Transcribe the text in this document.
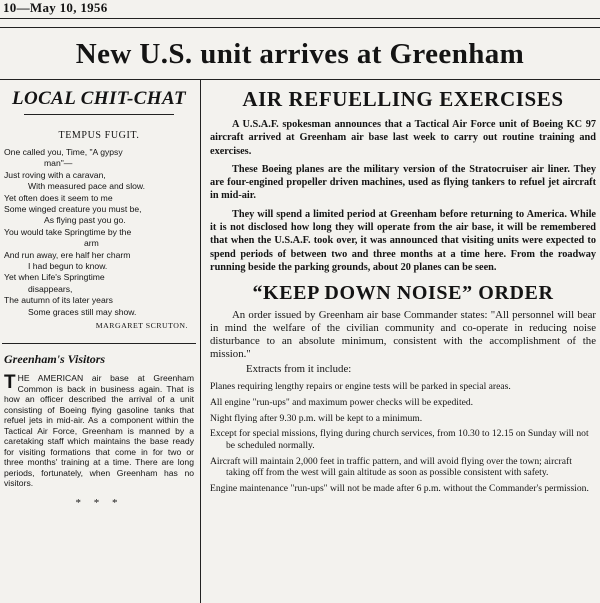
10—May 10, 1956
New U.S. unit arrives at Greenham
LOCAL CHIT-CHAT
TEMPUS FUGIT.
One called you, Time, "A gypsy
man"—
Just roving with a caravan,
With measured pace and slow.
Yet often does it seem to me
Some winged creature you must be,
As flying past you go.
You would take Springtime by the
arm
And run away, ere half her charm
I had begun to know.
Yet when Life's Springtime
disappears,
The autumn of its later years
Some graces still may show.
MARGARET SCRUTON.
Greenham's Visitors
THE AMERICAN air base at Greenham Common is back in business again. That is how an officer described the arrival of a unit consisting of Boeing flying gasoline tanks that refuel jets in mid-air. As a component within the Tactical Air Force, Greenham is manned by a caretaking staff which maintains the base ready for visiting formations that come in for two or three months' training at a time. There are long periods, fortunately, when Greenham has no visitors.
* * *
AIR REFUELLING EXERCISES

A U.S.A.F. spokesman announces that a Tactical Air Force unit of Boeing KC 97 aircraft arrived at Greenham air base last week to carry out routine training and exercises.

These Boeing planes are the military version of the Stratocruiser air liner. They are four-engined propeller driven machines, used as flying tankers to refuel jet aircraft in mid-air.

They will spend a limited period at Greenham before returning to America. While it is not disclosed how long they will operate from the air base, it will be remembered that when the U.S.A.F. took over, it was announced that visiting units were expected to spend periods of between two and three months at a time here. From the roadway running beside the parking grounds, about 20 planes can be seen.

“KEEP DOWN NOISE” ORDER

An order issued by Greenham air base Commander states: "All personnel will bear in mind the welfare of the civilian community and co-operate in reducing noise disturbance to an absolute minimum, consistent with the accomplishment of the mission."

Extracts from it include:
Planes requiring lengthy repairs or engine tests will be parked in special areas.
All engine "run-ups" and maximum power checks will be expedited.
Night flying after 9.30 p.m. will be kept to a minimum.
Except for special missions, flying during church services, from 10.30 to 12.15 on Sunday will not be scheduled normally.
Aircraft will maintain 2,000 feet in traffic pattern, and will avoid flying over the town; aircraft taking off from the west will gain altitude as soon as possible consistent with safety.
Engine maintenance "run-ups" will not be made after 6 p.m. without the Commander's permission.
